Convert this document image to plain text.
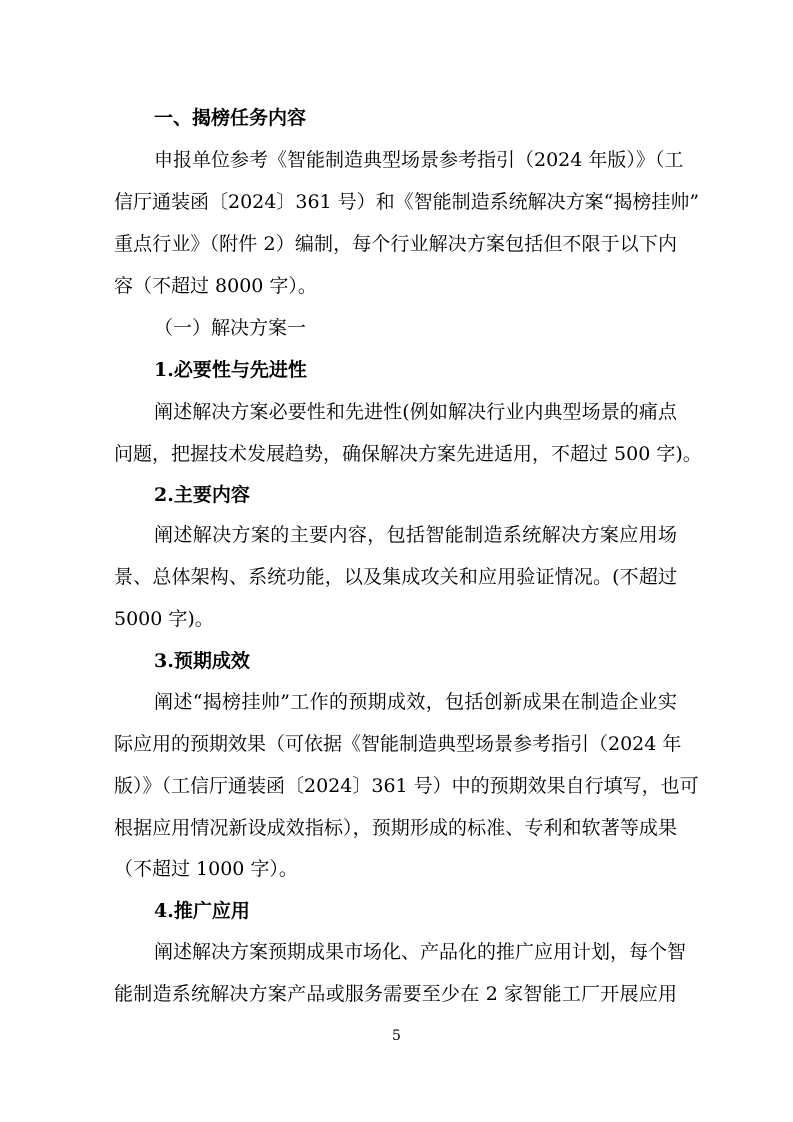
一、揭榜任务内容
申报单位参考《智能制造典型场景参考指引（2024 年版）》（工
信厅通装函〔2024〕361 号）和《智能制造系统解决方案“揭榜挂帅”
重点行业》（附件 2）编制，每个行业解决方案包括但不限于以下内
容（不超过 8000 字）。
（一）解决方案一
1.必要性与先进性
阐述解决方案必要性和先进性(例如解决行业内典型场景的痛点
问题，把握技术发展趋势，确保解决方案先进适用，不超过 500 字)。
2.主要内容
阐述解决方案的主要内容，包括智能制造系统解决方案应用场
景、总体架构、系统功能，以及集成攻关和应用验证情况。(不超过
5000 字)。
3.预期成效
阐述“揭榜挂帅”工作的预期成效，包括创新成果在制造企业实
际应用的预期效果（可依据《智能制造典型场景参考指引（2024 年
版）》（工信厅通装函〔2024〕361 号）中的预期效果自行填写，也可
根据应用情况新设成效指标），预期形成的标准、专利和软著等成果
（不超过 1000 字）。
4.推广应用
阐述解决方案预期成果市场化、产品化的推广应用计划，每个智
能制造系统解决方案产品或服务需要至少在 2 家智能工厂开展应用
5
